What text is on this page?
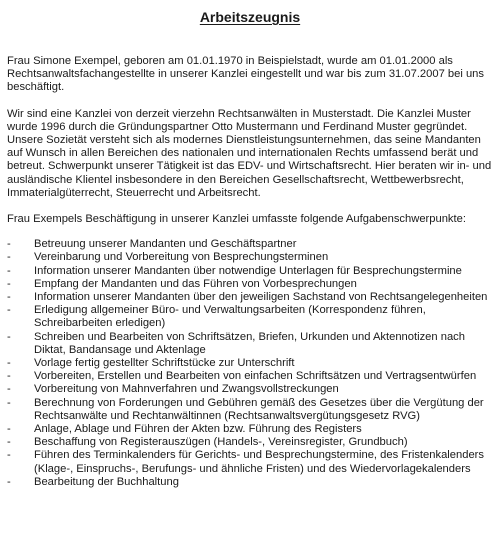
Arbeitszeugnis

Frau Simone Exempel, geboren am 01.01.1970 in Beispielstadt, wurde am 01.01.2000 als Rechtsanwaltsfachangestellte in unserer Kanzlei eingestellt und war bis zum 31.07.2007 bei uns beschäftigt.

Wir sind eine Kanzlei von derzeit vierzehn Rechtsanwälten in Musterstadt. Die Kanzlei Muster wurde 1996 durch die Gründungspartner Otto Mustermann und Ferdinand Muster gegründet. Unsere Sozietät versteht sich als modernes Dienstleistungsunternehmen, das seine Mandanten auf Wunsch in allen Bereichen des nationalen und internationalen Rechts umfassend berät und betreut. Schwerpunkt unserer Tätigkeit ist das EDV- und Wirtschaftsrecht. Hier beraten wir in- und ausländische Klientel insbesondere in den Bereichen Gesellschaftsrecht, Wettbewerbsrecht, Immaterialgüterrecht, Steuerrecht und Arbeitsrecht.

Frau Exempels Beschäftigung in unserer Kanzlei umfasste folgende Aufgabenschwerpunkte:

- Betreuung unserer Mandanten und Geschäftspartner
- Vereinbarung und Vorbereitung von Besprechungsterminen
- Information unserer Mandanten über notwendige Unterlagen für Besprechungstermine
- Empfang der Mandanten und das Führen von Vorbesprechungen
- Information unserer Mandanten über den jeweiligen Sachstand von Rechtsangelegenheiten
- Erledigung allgemeiner Büro- und Verwaltungsarbeiten (Korrespondenz führen, Schreibarbeiten erledigen)
- Schreiben und Bearbeiten von Schriftsätzen, Briefen, Urkunden und Aktennotizen nach Diktat, Bandansage und Aktenlage
- Vorlage fertig gestellter Schriftstücke zur Unterschrift
- Vorbereiten, Erstellen und Bearbeiten von einfachen Schriftsätzen und Vertragsentwürfen
- Vorbereitung von Mahnverfahren und Zwangsvollstreckungen
- Berechnung von Forderungen und Gebühren gemäß des Gesetzes über die Vergütung der Rechtsanwälte und Rechtanwältinnen (Rechtsanwaltsvergütungsgesetz RVG)
- Anlage, Ablage und Führen der Akten bzw. Führung des Registers
- Beschaffung von Registerauszügen (Handels-, Vereinsregister, Grundbuch)
- Führen des Terminkalenders für Gerichts- und Besprechungstermine, des Fristenkalenders (Klage-, Einspruchs-, Berufungs- und ähnliche Fristen) und des Wiedervorlagekalenders
- Bearbeitung der Buchhaltung
